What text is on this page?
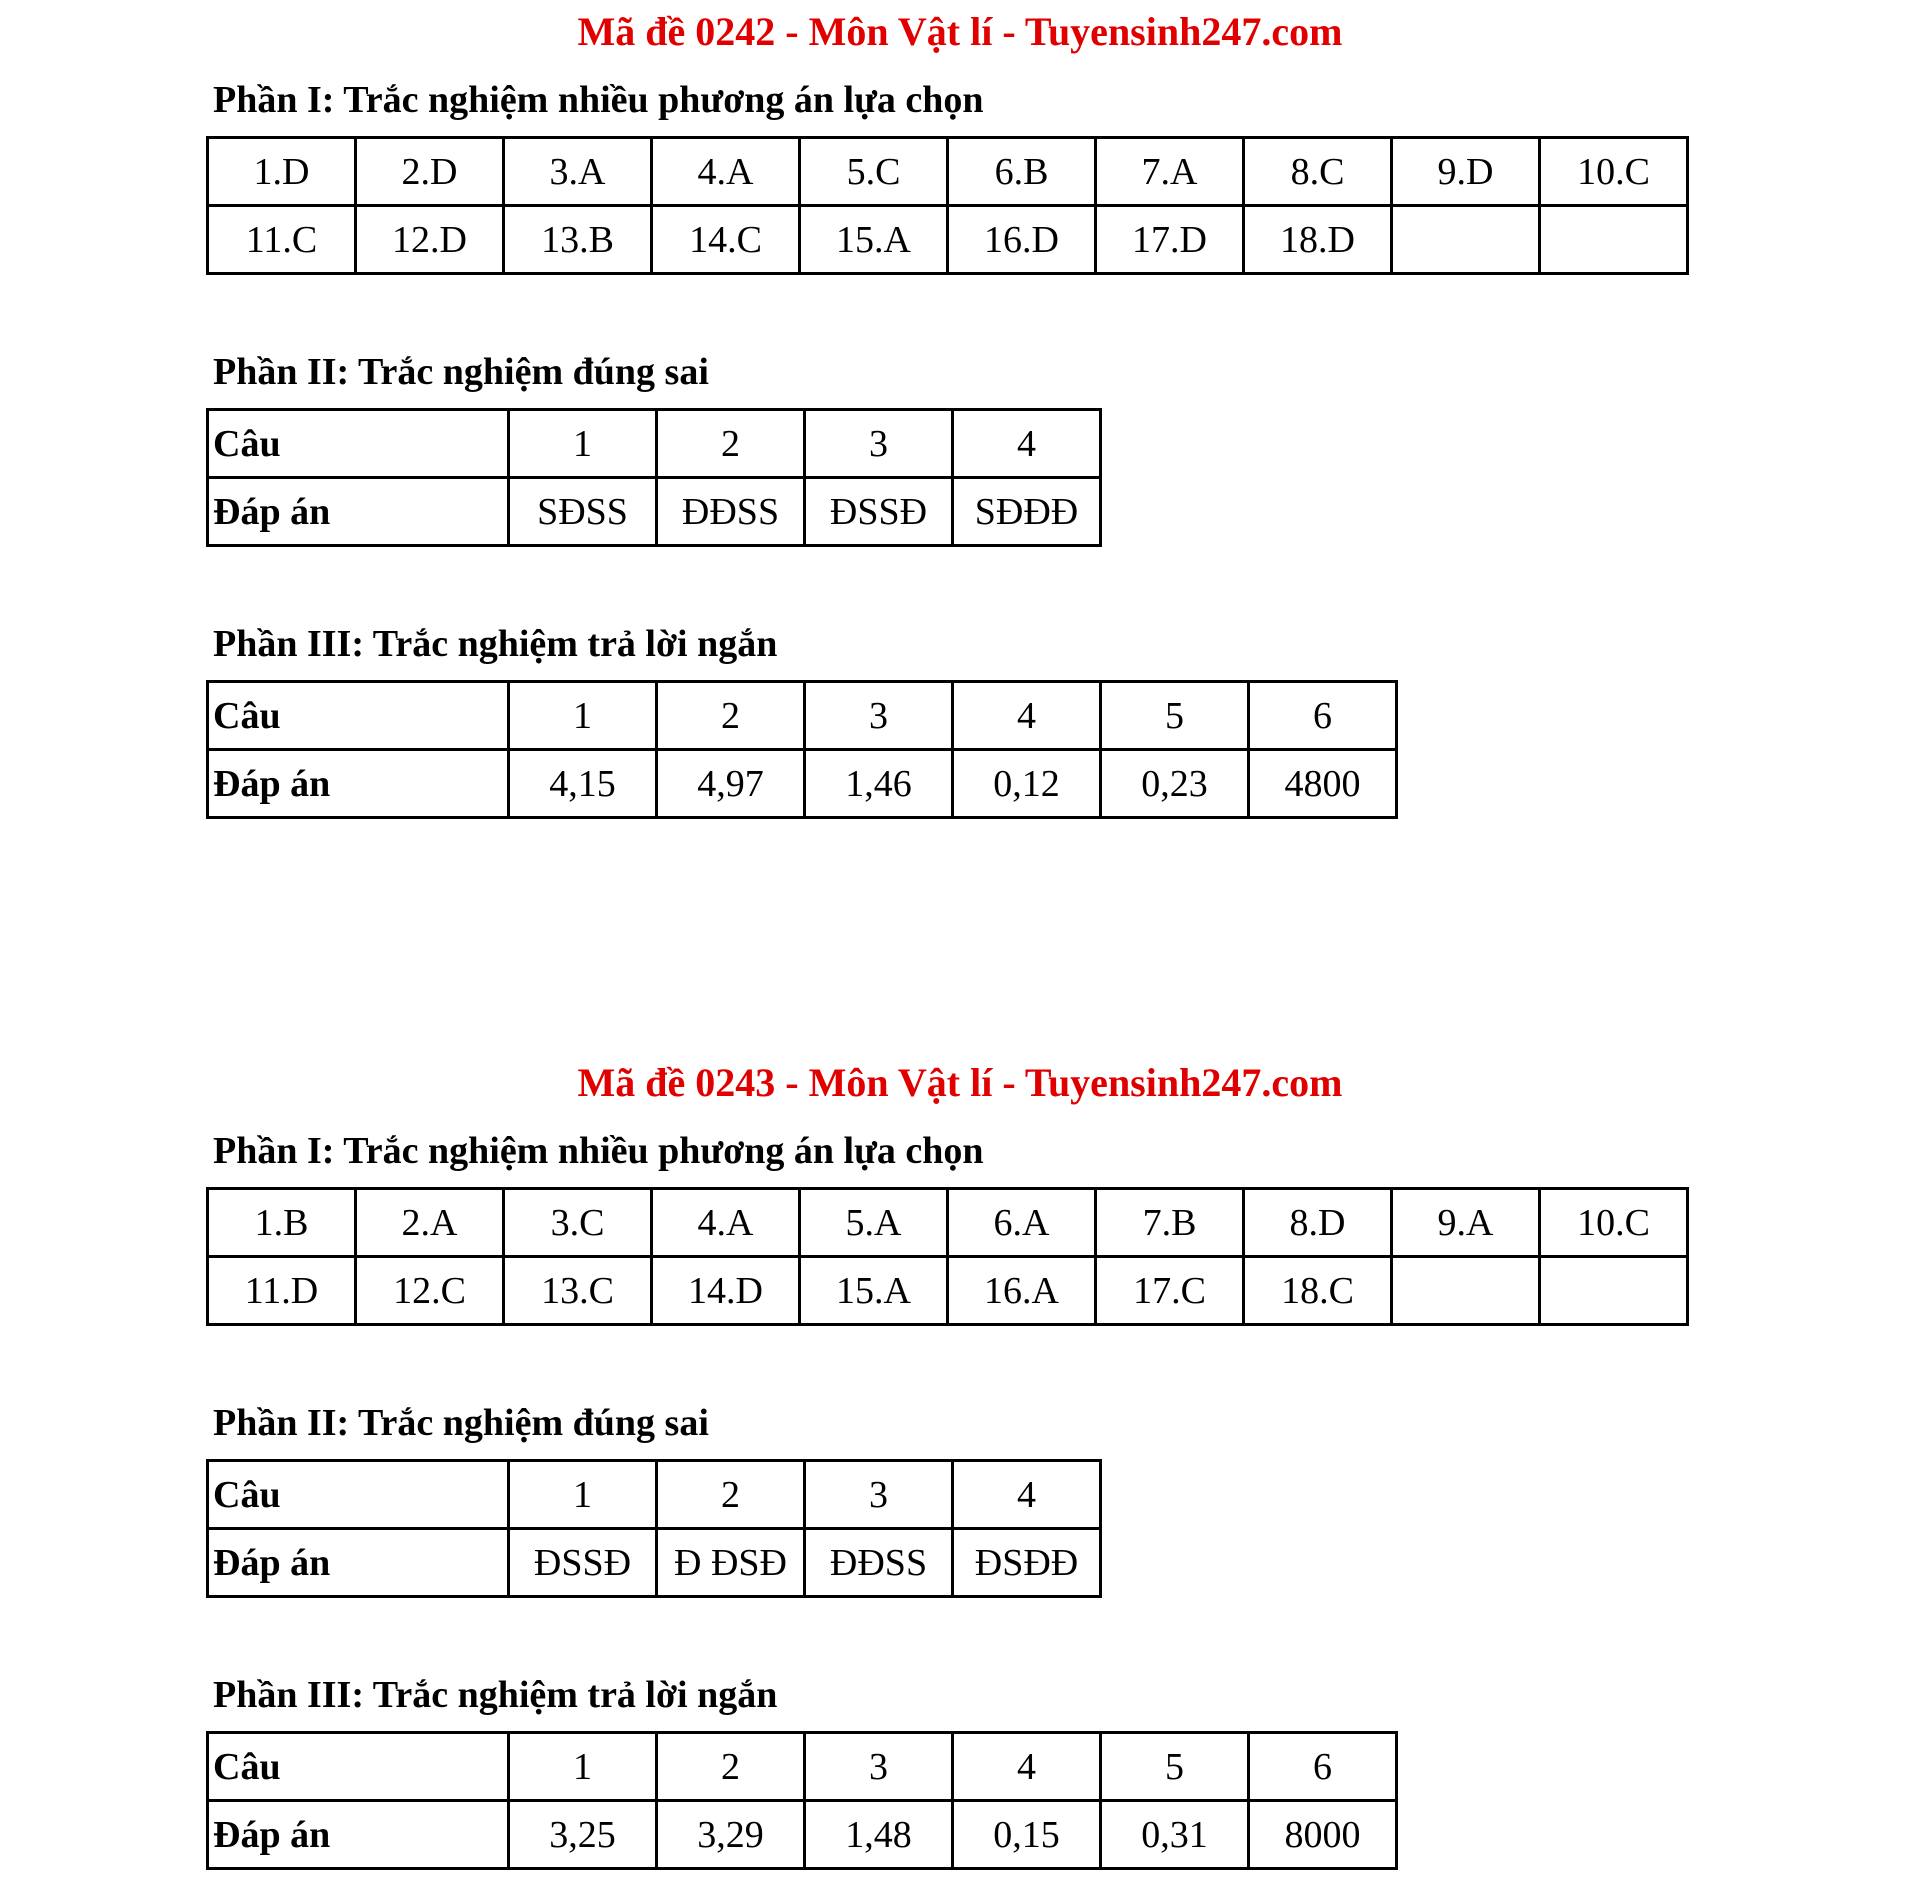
Mã đề 0242 - Môn Vật lí - Tuyensinh247.com
Phần I: Trắc nghiệm nhiều phương án lựa chọn
1.D	2.D	3.A	4.A	5.C	6.B	7.A	8.C	9.D	10.C
11.C	12.D	13.B	14.C	15.A	16.D	17.D	18.D		
Phần II: Trắc nghiệm đúng sai
Câu	1	2	3	4
Đáp án	SĐSS	ĐĐSS	ĐSSĐ	SĐĐĐ
Phần III: Trắc nghiệm trả lời ngắn
Câu	1	2	3	4	5	6
Đáp án	4,15	4,97	1,46	0,12	0,23	4800
Mã đề 0243 - Môn Vật lí - Tuyensinh247.com
Phần I: Trắc nghiệm nhiều phương án lựa chọn
1.B	2.A	3.C	4.A	5.A	6.A	7.B	8.D	9.A	10.C
11.D	12.C	13.C	14.D	15.A	16.A	17.C	18.C		
Phần II: Trắc nghiệm đúng sai
Câu	1	2	3	4
Đáp án	ĐSSĐ	Đ ĐSĐ	ĐĐSS	ĐSĐĐ
Phần III: Trắc nghiệm trả lời ngắn
Câu	1	2	3	4	5	6
Đáp án	3,25	3,29	1,48	0,15	0,31	8000
